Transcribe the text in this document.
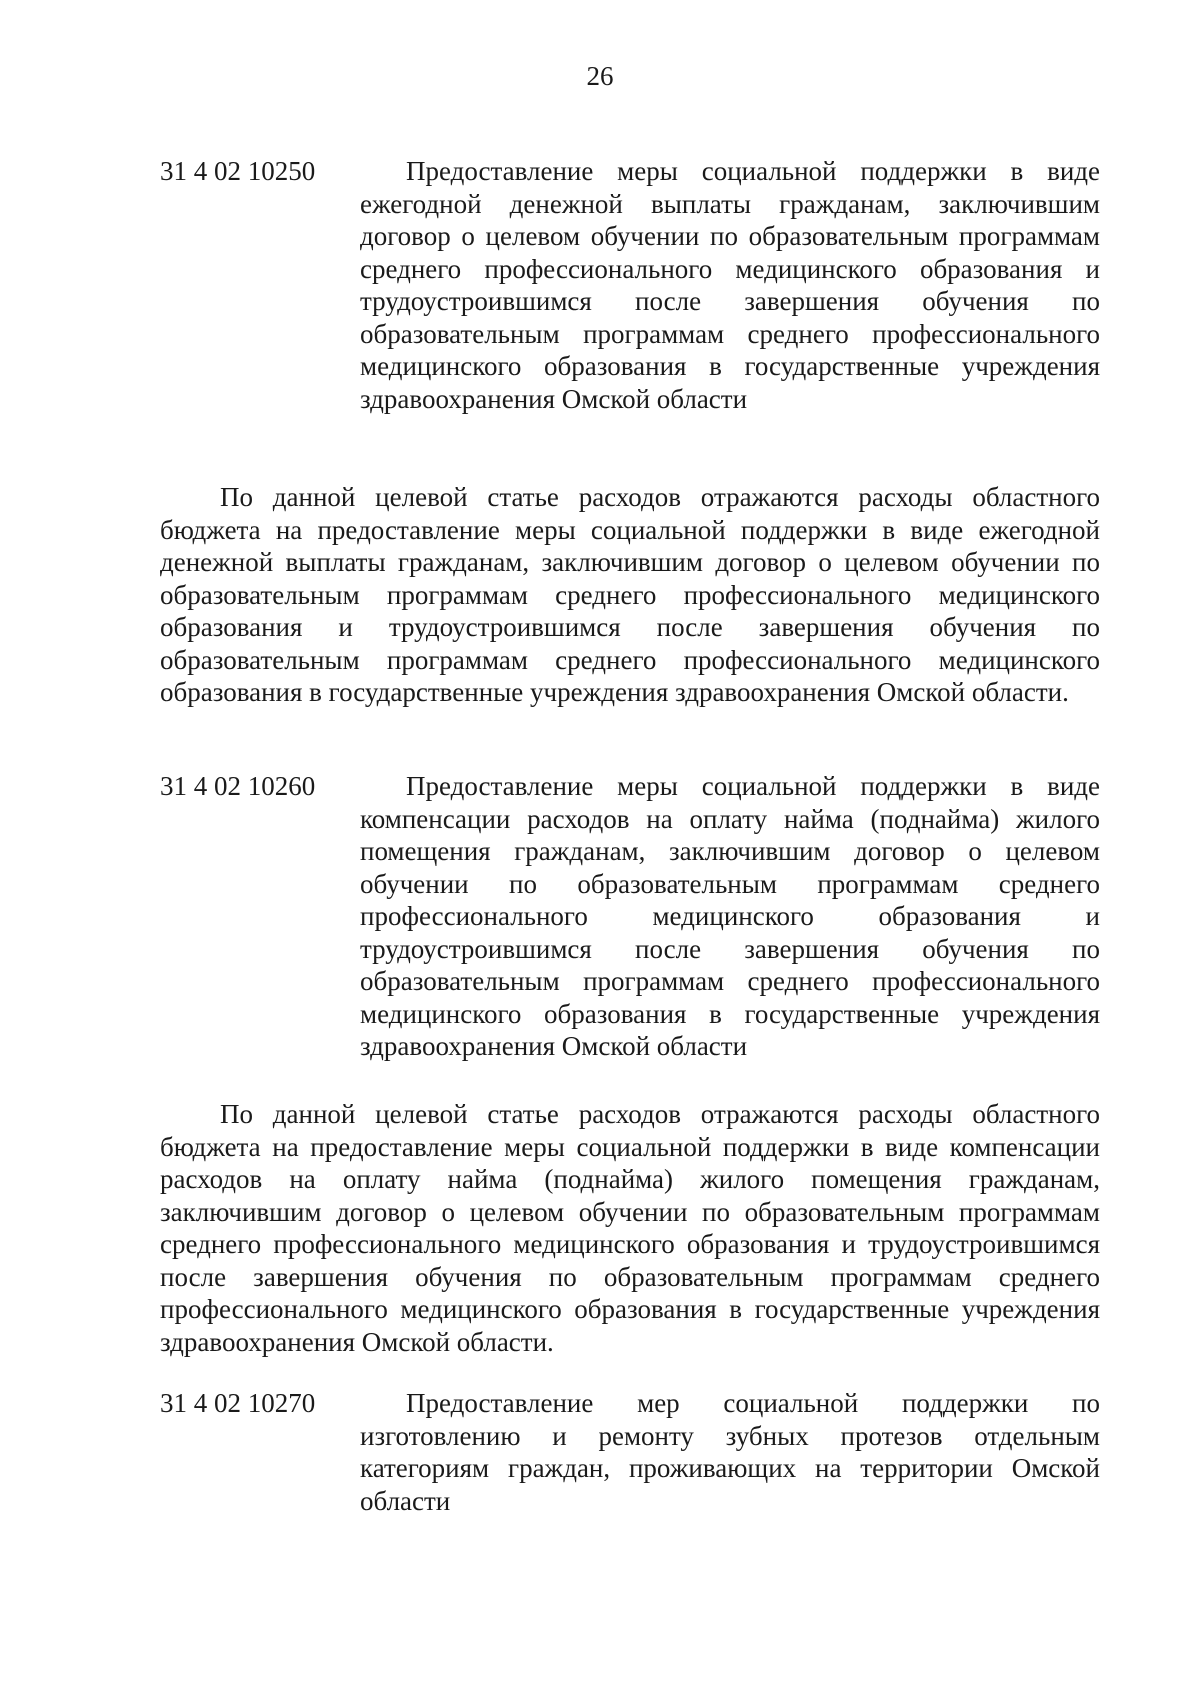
26
31 4 02 10250	Предоставление меры социальной поддержки в виде ежегодной денежной выплаты гражданам, заключившим договор о целевом обучении по образовательным программам среднего профессионального медицинского образования и трудоустроившимся после завершения обучения по образовательным программам среднего профессионального медицинского образования в государственные учреждения здравоохранения Омской области
По данной целевой статье расходов отражаются расходы областного бюджета на предоставление меры социальной поддержки в виде ежегодной денежной выплаты гражданам, заключившим договор о целевом обучении по образовательным программам среднего профессионального медицинского образования и трудоустроившимся после завершения обучения по образовательным программам среднего профессионального медицинского образования в государственные учреждения здравоохранения Омской области.
31 4 02 10260	Предоставление меры социальной поддержки в виде компенсации расходов на оплату найма (поднайма) жилого помещения гражданам, заключившим договор о целевом обучении по образовательным программам среднего профессионального медицинского образования и трудоустроившимся после завершения обучения по образовательным программам среднего профессионального медицинского образования в государственные учреждения здравоохранения Омской области
По данной целевой статье расходов отражаются расходы областного бюджета на предоставление меры социальной поддержки в виде компенсации расходов на оплату найма (поднайма) жилого помещения гражданам, заключившим договор о целевом обучении по образовательным программам среднего профессионального медицинского образования и трудоустроившимся после завершения обучения по образовательным программам среднего профессионального медицинского образования в государственные учреждения здравоохранения Омской области.
31 4 02 10270	Предоставление мер социальной поддержки по изготовлению и ремонту зубных протезов отдельным категориям граждан, проживающих на территории Омской области
